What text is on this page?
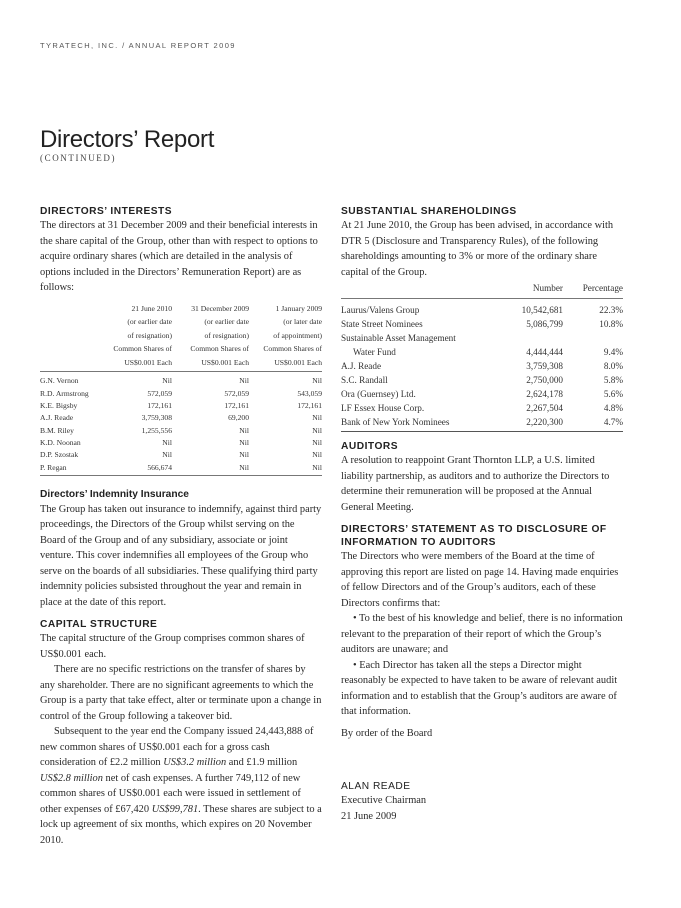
TYRATECH, INC. / ANNUAL REPORT 2009
Directors’ Report
(CONTINUED)
DIRECTORS’ INTERESTS

The directors at 31 December 2009 and their beneficial interests in the share capital of the Group, other than with respect to options to acquire ordinary shares (which are detailed in the analysis of options included in the Directors’ Remuneration Report) are as follows:

	21 June 2010	31 December 2009	1 January 2009
	(or earlier date	(or earlier date	(or later date
	of resignation)	of resignation)	of appointment)
	Common Shares of	Common Shares of	Common Shares of
	US$0.001 Each	US$0.001 Each	US$0.001 Each
G.N. Vernon	Nil	Nil	Nil
R.D. Armstrong	572,059	572,059	543,059
K.E. Bigsby	172,161	172,161	172,161
A.J. Reade	3,759,308	69,200	Nil
B.M. Riley	1,255,556	Nil	Nil
K.D. Noonan	Nil	Nil	Nil
D.P. Szostak	Nil	Nil	Nil
P. Regan	566,674	Nil	Nil
Directors’ Indemnity Insurance

The Group has taken out insurance to indemnify, against third party proceedings, the Directors of the Group whilst serving on the Board of the Group and of any subsidiary, associate or joint venture. This cover indemnifies all employees of the Group who serve on the boards of all subsidiaries. These qualifying third party indemnity policies subsisted throughout the year and remain in place at the date of this report.

CAPITAL STRUCTURE

The capital structure of the Group comprises common shares of US$0.001 each.

There are no specific restrictions on the transfer of shares by any shareholder. There are no significant agreements to which the Group is a party that take effect, alter or terminate upon a change in control of the Group following a takeover bid.

Subsequent to the year end the Company issued 24,443,888 of new common shares of US$0.001 each for a gross cash consideration of £2.2 million US$3.2 million and £1.9 million US$2.8 million net of cash expenses. A further 749,112 of new common shares of US$0.001 each were issued in settlement of other expenses of £67,420 US$99,781. These shares are subject to a lock up agreement of six months, which expires on 20 November 2010.

SUBSTANTIAL SHAREHOLDINGS

At 21 June 2010, the Group has been advised, in accordance with DTR 5 (Disclosure and Transparency Rules), of the following shareholdings amounting to 3% or more of the ordinary share capital of the Group.

	Number	Percentage
Laurus/Valens Group	10,542,681	22.3%
State Street Nominees	5,086,799	10.8%
Sustainable Asset Management		
Water Fund	4,444,444	9.4%
A.J. Reade	3,759,308	8.0%
S.C. Randall	2,750,000	5.8%
Ora (Guernsey) Ltd.	2,624,178	5.6%
LF Essex House Corp.	2,267,504	4.8%
Bank of New York Nominees	2,220,300	4.7%
AUDITORS

A resolution to reappoint Grant Thornton LLP, a U.S. limited liability partnership, as auditors and to authorize the Directors to determine their remuneration will be proposed at the Annual General Meeting.

DIRECTORS’ STATEMENT AS TO DISCLOSURE OF
INFORMATION TO AUDITORS

The Directors who were members of the Board at the time of approving this report are listed on page 14. Having made enquiries of fellow Directors and of the Group’s auditors, each of these Directors confirms that:

• To the best of his knowledge and belief, there is no information relevant to the preparation of their report of which the Group’s auditors are unaware; and

• Each Director has taken all the steps a Director might reasonably be expected to have taken to be aware of relevant audit information and to establish that the Group’s auditors are aware of that information.

By order of the Board

ALAN READE

Executive Chairman

21 June 2009
